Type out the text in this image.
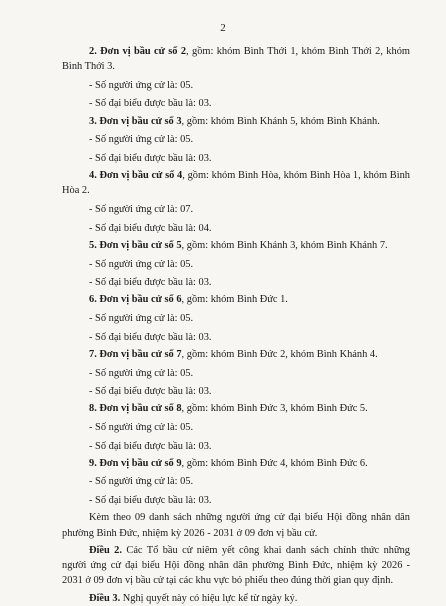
2
2. Đơn vị bầu cử số 2, gồm: khóm Bình Thới 1, khóm Bình Thới 2, khóm Bình Thới 3.
- Số người ứng cử là: 05.
- Số đại biểu được bầu là: 03.
3. Đơn vị bầu cử số 3, gồm: khóm Bình Khánh 5, khóm Bình Khánh.
- Số người ứng cử là: 05.
- Số đại biểu được bầu là: 03.
4. Đơn vị bầu cử số 4, gồm: khóm Bình Hòa, khóm Bình Hòa 1, khóm Bình Hòa 2.
- Số người ứng cử là: 07.
- Số đại biểu được bầu là: 04.
5. Đơn vị bầu cử số 5, gồm: khóm Bình Khánh 3, khóm Bình Khánh 7.
- Số người ứng cử là: 05.
- Số đại biểu được bầu là: 03.
6. Đơn vị bầu cử số 6, gồm: khóm Bình Đức 1.
- Số người ứng cử là: 05.
- Số đại biểu được bầu là: 03.
7. Đơn vị bầu cử số 7, gồm: khóm Bình Đức 2, khóm Bình Khánh 4.
- Số người ứng cử là: 05.
- Số đại biểu được bầu là: 03.
8. Đơn vị bầu cử số 8, gồm: khóm Bình Đức 3, khóm Bình Đức 5.
- Số người ứng cử là: 05.
- Số đại biểu được bầu là: 03.
9. Đơn vị bầu cử số 9, gồm: khóm Bình Đức 4, khóm Bình Đức 6.
- Số người ứng cử là: 05.
- Số đại biểu được bầu là: 03.
Kèm theo 09 danh sách những người ứng cử đại biểu Hội đồng nhân dân phường Bình Đức, nhiệm kỳ 2026 - 2031 ở 09 đơn vị bầu cử.
Điều 2. Các Tổ bầu cử niêm yết công khai danh sách chính thức những người ứng cử đại biểu Hội đồng nhân dân phường Bình Đức, nhiệm kỳ 2026 - 2031 ở 09 đơn vị bầu cử tại các khu vực bỏ phiếu theo đúng thời gian quy định.
Điều 3. Nghị quyết này có hiệu lực kể từ ngày ký.
